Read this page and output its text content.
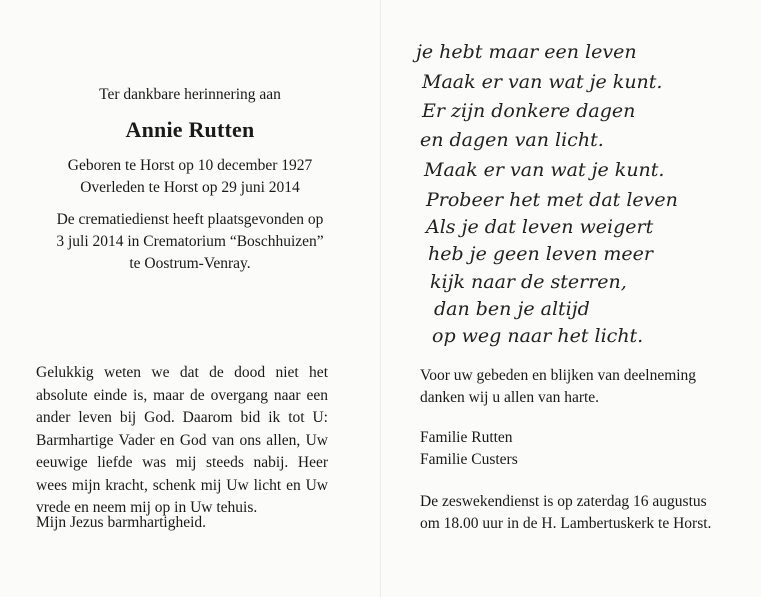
Ter dankbare herinnering aan

Annie Rutten

Geboren te Horst op 10 december 1927

Overleden te Horst op 29 juni 2014

De crematiedienst heeft plaatsgevonden op

3 juli 2014 in Crematorium “Boschhuizen”

te Oostrum-Venray.

Gelukkig weten we dat de dood niet het absolute einde is, maar de overgang naar een ander leven bij God. Daarom bid ik tot U: Barmhartige Vader en God van ons allen, Uw eeuwige liefde was mij steeds nabij. Heer wees mijn kracht, schenk mij Uw licht en Uw vrede en neem mij op in Uw tehuis.

Mijn Jezus barmhartigheid.

je hebt maar een leven
Maak er van wat je kunt.
Er zijn donkere dagen
en dagen van licht.
Maak er van wat je kunt.
Probeer het met dat leven
Als je dat leven weigert
heb je geen leven meer
kijk naar de sterren,
dan ben je altijd
op weg naar het licht.
Voor uw gebeden en blijken van deelneming
danken wij u allen van harte.
Familie Rutten
Familie Custers
De zeswekendienst is op zaterdag 16 augustus
om 18.00 uur in de H. Lambertuskerk te Horst.
